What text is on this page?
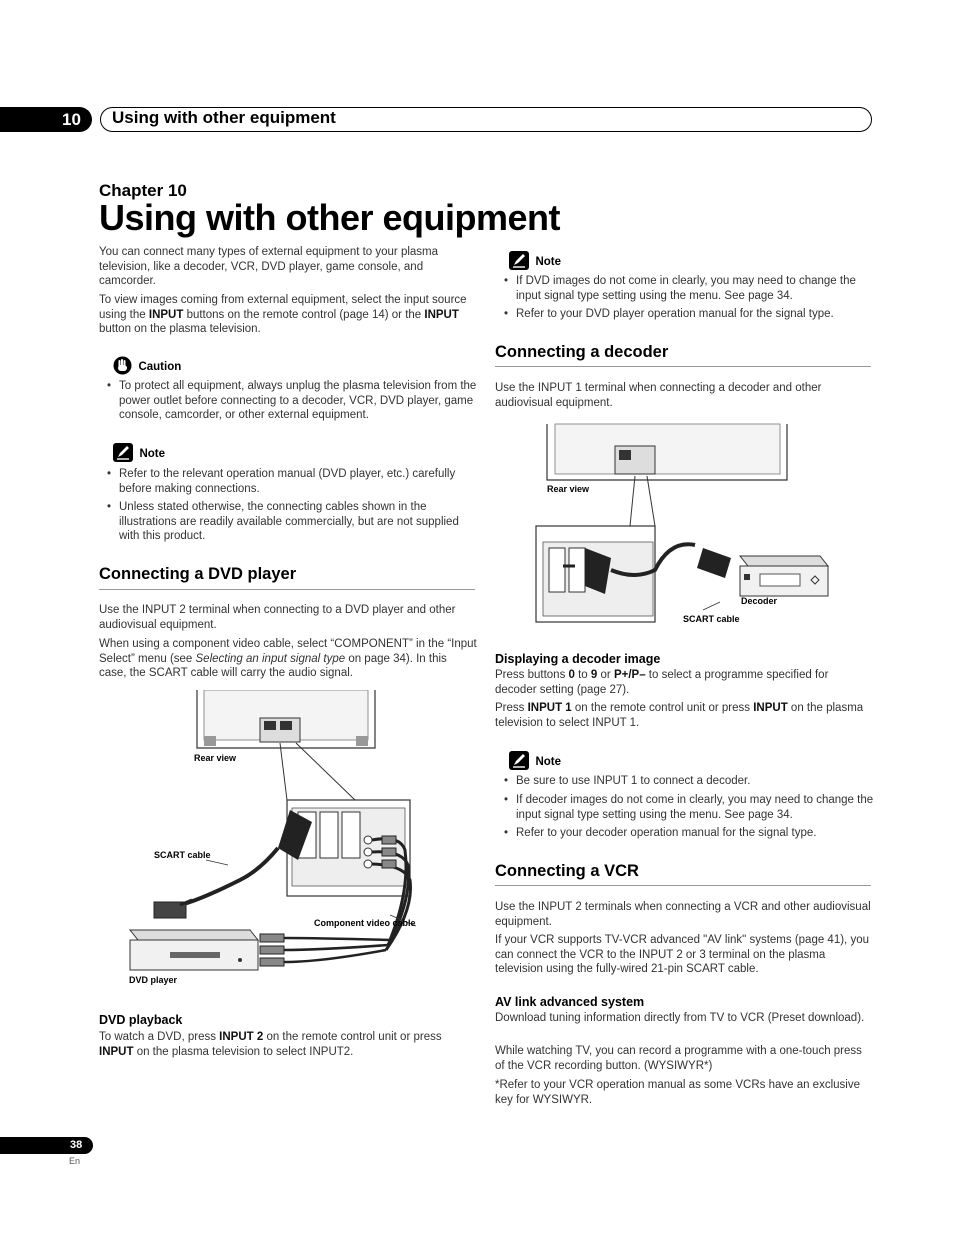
10	Using with other equipment
Chapter 10
Using with other equipment
You can connect many types of external equipment to your plasma television, like a decoder, VCR, DVD player, game console, and camcorder.
To view images coming from external equipment, select the input source using the INPUT buttons on the remote control (page 14) or the INPUT button on the plasma television.
Caution
• To protect all equipment, always unplug the plasma television from the power outlet before connecting to a decoder, VCR, DVD player, game console, camcorder, or other external equipment.
Note
• Refer to the relevant operation manual (DVD player, etc.) carefully before making connections.
• Unless stated otherwise, the connecting cables shown in the illustrations are readily available commercially, but are not supplied with this product.
Connecting a DVD player
Use the INPUT 2 terminal when connecting to a DVD player and other audiovisual equipment.
When using a component video cable, select “COMPONENT” in the “Input Select” menu (see Selecting an input signal type on page 34). In this case, the SCART cable will carry the audio signal.
Rear view
SCART cable
Component video cable
DVD player
DVD playback
To watch a DVD, press INPUT 2 on the remote control unit or press INPUT on the plasma television to select INPUT2.
Note
• If DVD images do not come in clearly, you may need to change the input signal type setting using the menu. See page 34.
• Refer to your DVD player operation manual for the signal type.
Connecting a decoder
Use the INPUT 1 terminal when connecting a decoder and other audiovisual equipment.
Rear view
Decoder
SCART cable
Displaying a decoder image
Press buttons 0 to 9 or P+/P– to select a programme specified for decoder setting (page 27).
Press INPUT 1 on the remote control unit or press INPUT on the plasma television to select INPUT 1.
Note
• Be sure to use INPUT 1 to connect a decoder.
• If decoder images do not come in clearly, you may need to change the input signal type setting using the menu. See page 34.
• Refer to your decoder operation manual for the signal type.
Connecting a VCR
Use the INPUT 2 terminals when connecting a VCR and other audiovisual equipment.
If your VCR supports TV-VCR advanced "AV link" systems (page 41), you can connect the VCR to the INPUT 2 or 3 terminal on the plasma television using the fully-wired 21-pin SCART cable.
AV link advanced system
Download tuning information directly from TV to VCR (Preset download).
While watching TV, you can record a programme with a one-touch press of the VCR recording button. (WYSIWYR*)
*Refer to your VCR operation manual as some VCRs have an exclusive key for WYSIWYR.
38
En
